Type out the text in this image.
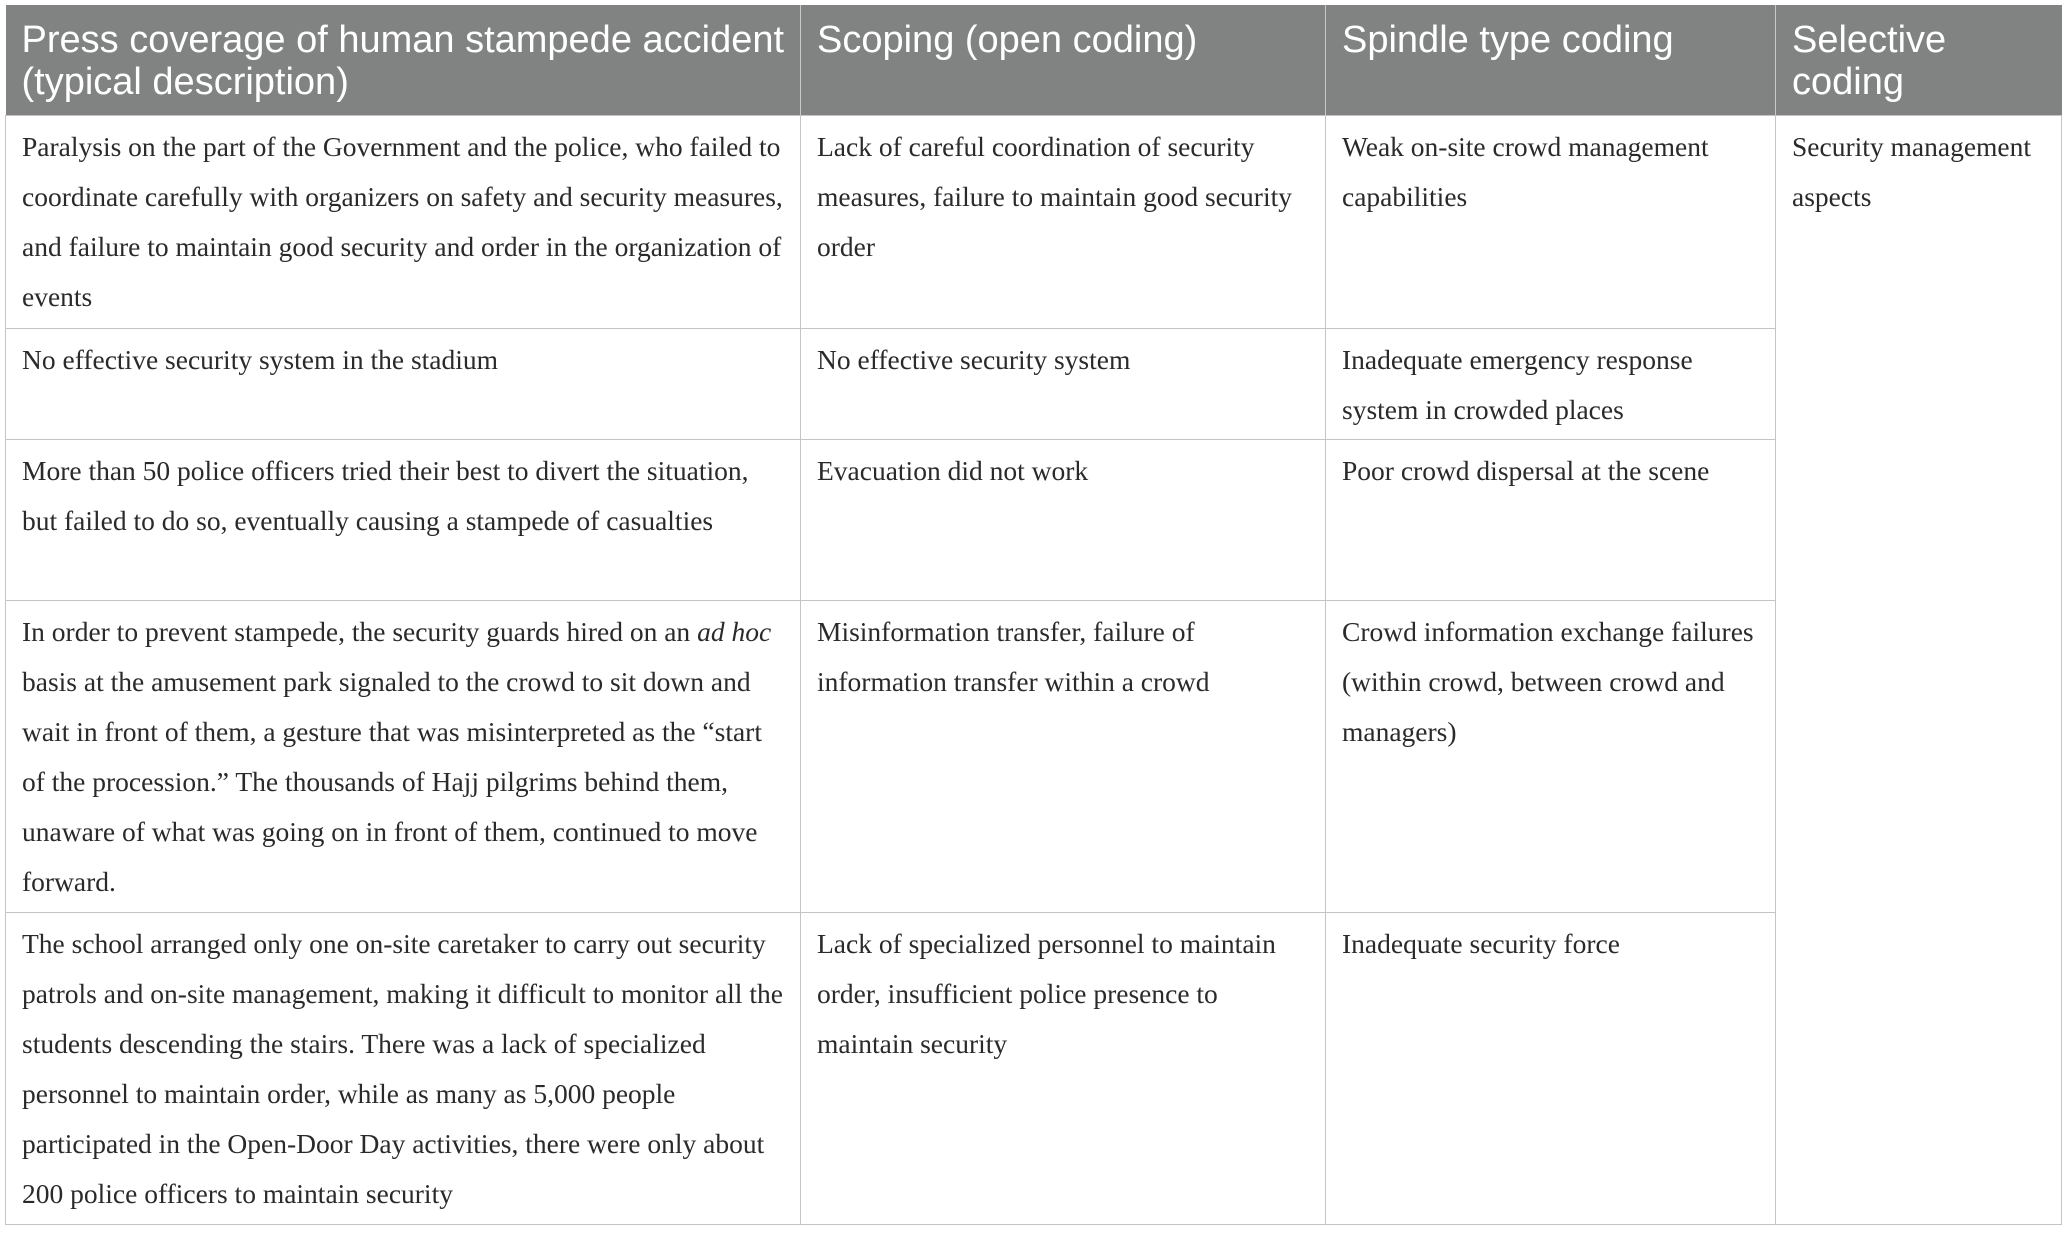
Press coverage of human stampede accident (typical description)	Scoping (open coding)	Spindle type coding	Selective coding
Paralysis on the part of the Government and the police, who failed to coordinate carefully with organizers on safety and security measures, and failure to maintain good security and order in the organization of events	Lack of careful coordination of security measures, failure to maintain good security order	Weak on-site crowd management capabilities	Security management aspects
No effective security system in the stadium	No effective security system	Inadequate emergency response system in crowded places	
More than 50 police officers tried their best to divert the situation, but failed to do so, eventually causing a stampede of casualties	Evacuation did not work	Poor crowd dispersal at the scene	
In order to prevent stampede, the security guards hired on an ad hoc basis at the amusement park signaled to the crowd to sit down and wait in front of them, a gesture that was misinterpreted as the “start of the procession.” The thousands of Hajj pilgrims behind them, unaware of what was going on in front of them, continued to move forward.	Misinformation transfer, failure of information transfer within a crowd	Crowd information exchange failures (within crowd, between crowd and managers)	
The school arranged only one on-site caretaker to carry out security patrols and on-site management, making it difficult to monitor all the students descending the stairs. There was a lack of specialized personnel to maintain order, while as many as 5,000 people participated in the Open-Door Day activities, there were only about 200 police officers to maintain security	Lack of specialized personnel to maintain order, insufficient police presence to maintain security	Inadequate security force	
